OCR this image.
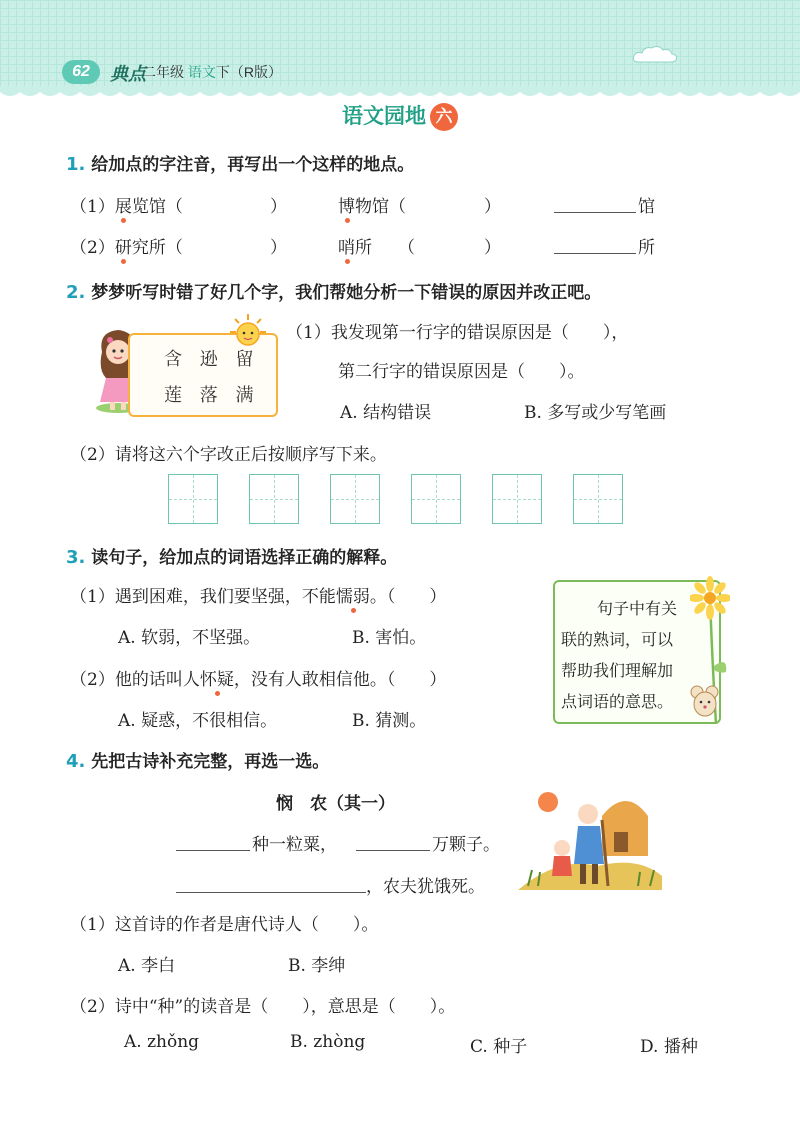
62	典点
二年级 语文下（R版）
语文园地 六
1. 给加点的字注音，再写出一个这样的地点。
（1）展览馆（	）	博物馆（	）	馆
（2）研究所（	）	哨所 （	）	所
2. 梦梦听写时错了好几个字，我们帮她分析一下错误的原因并改正吧。
含 逊 留
莲 落 满
（1）我发现第一行字的错误原因是（　　），
第二行字的错误原因是（　　）。
A. 结构错误	B. 多写或少写笔画
（2）请将这六个字改正后按顺序写下来。
3. 读句子，给加点的词语选择正确的解释。
（1）遇到困难，我们要坚强，不能懦弱。（　　）
A. 软弱，不坚强。	B. 害怕。
（2）他的话叫人怀疑，没有人敢相信他。（　　）
A. 疑惑，不很相信。	B. 猜测。
句子中有关
联的熟词，可以
帮助我们理解加
点词语的意思。
4. 先把古诗补充完整，再选一选。
悯　农（其一）
种一粒粟，	万颗子。
，农夫犹饿死。
（1）这首诗的作者是唐代诗人（　　）。
A. 李白	B. 李绅
（2）诗中“种”的读音是（　　），意思是（　　）。
A. zhǒng	B. zhòng	C. 种子	D. 播种
